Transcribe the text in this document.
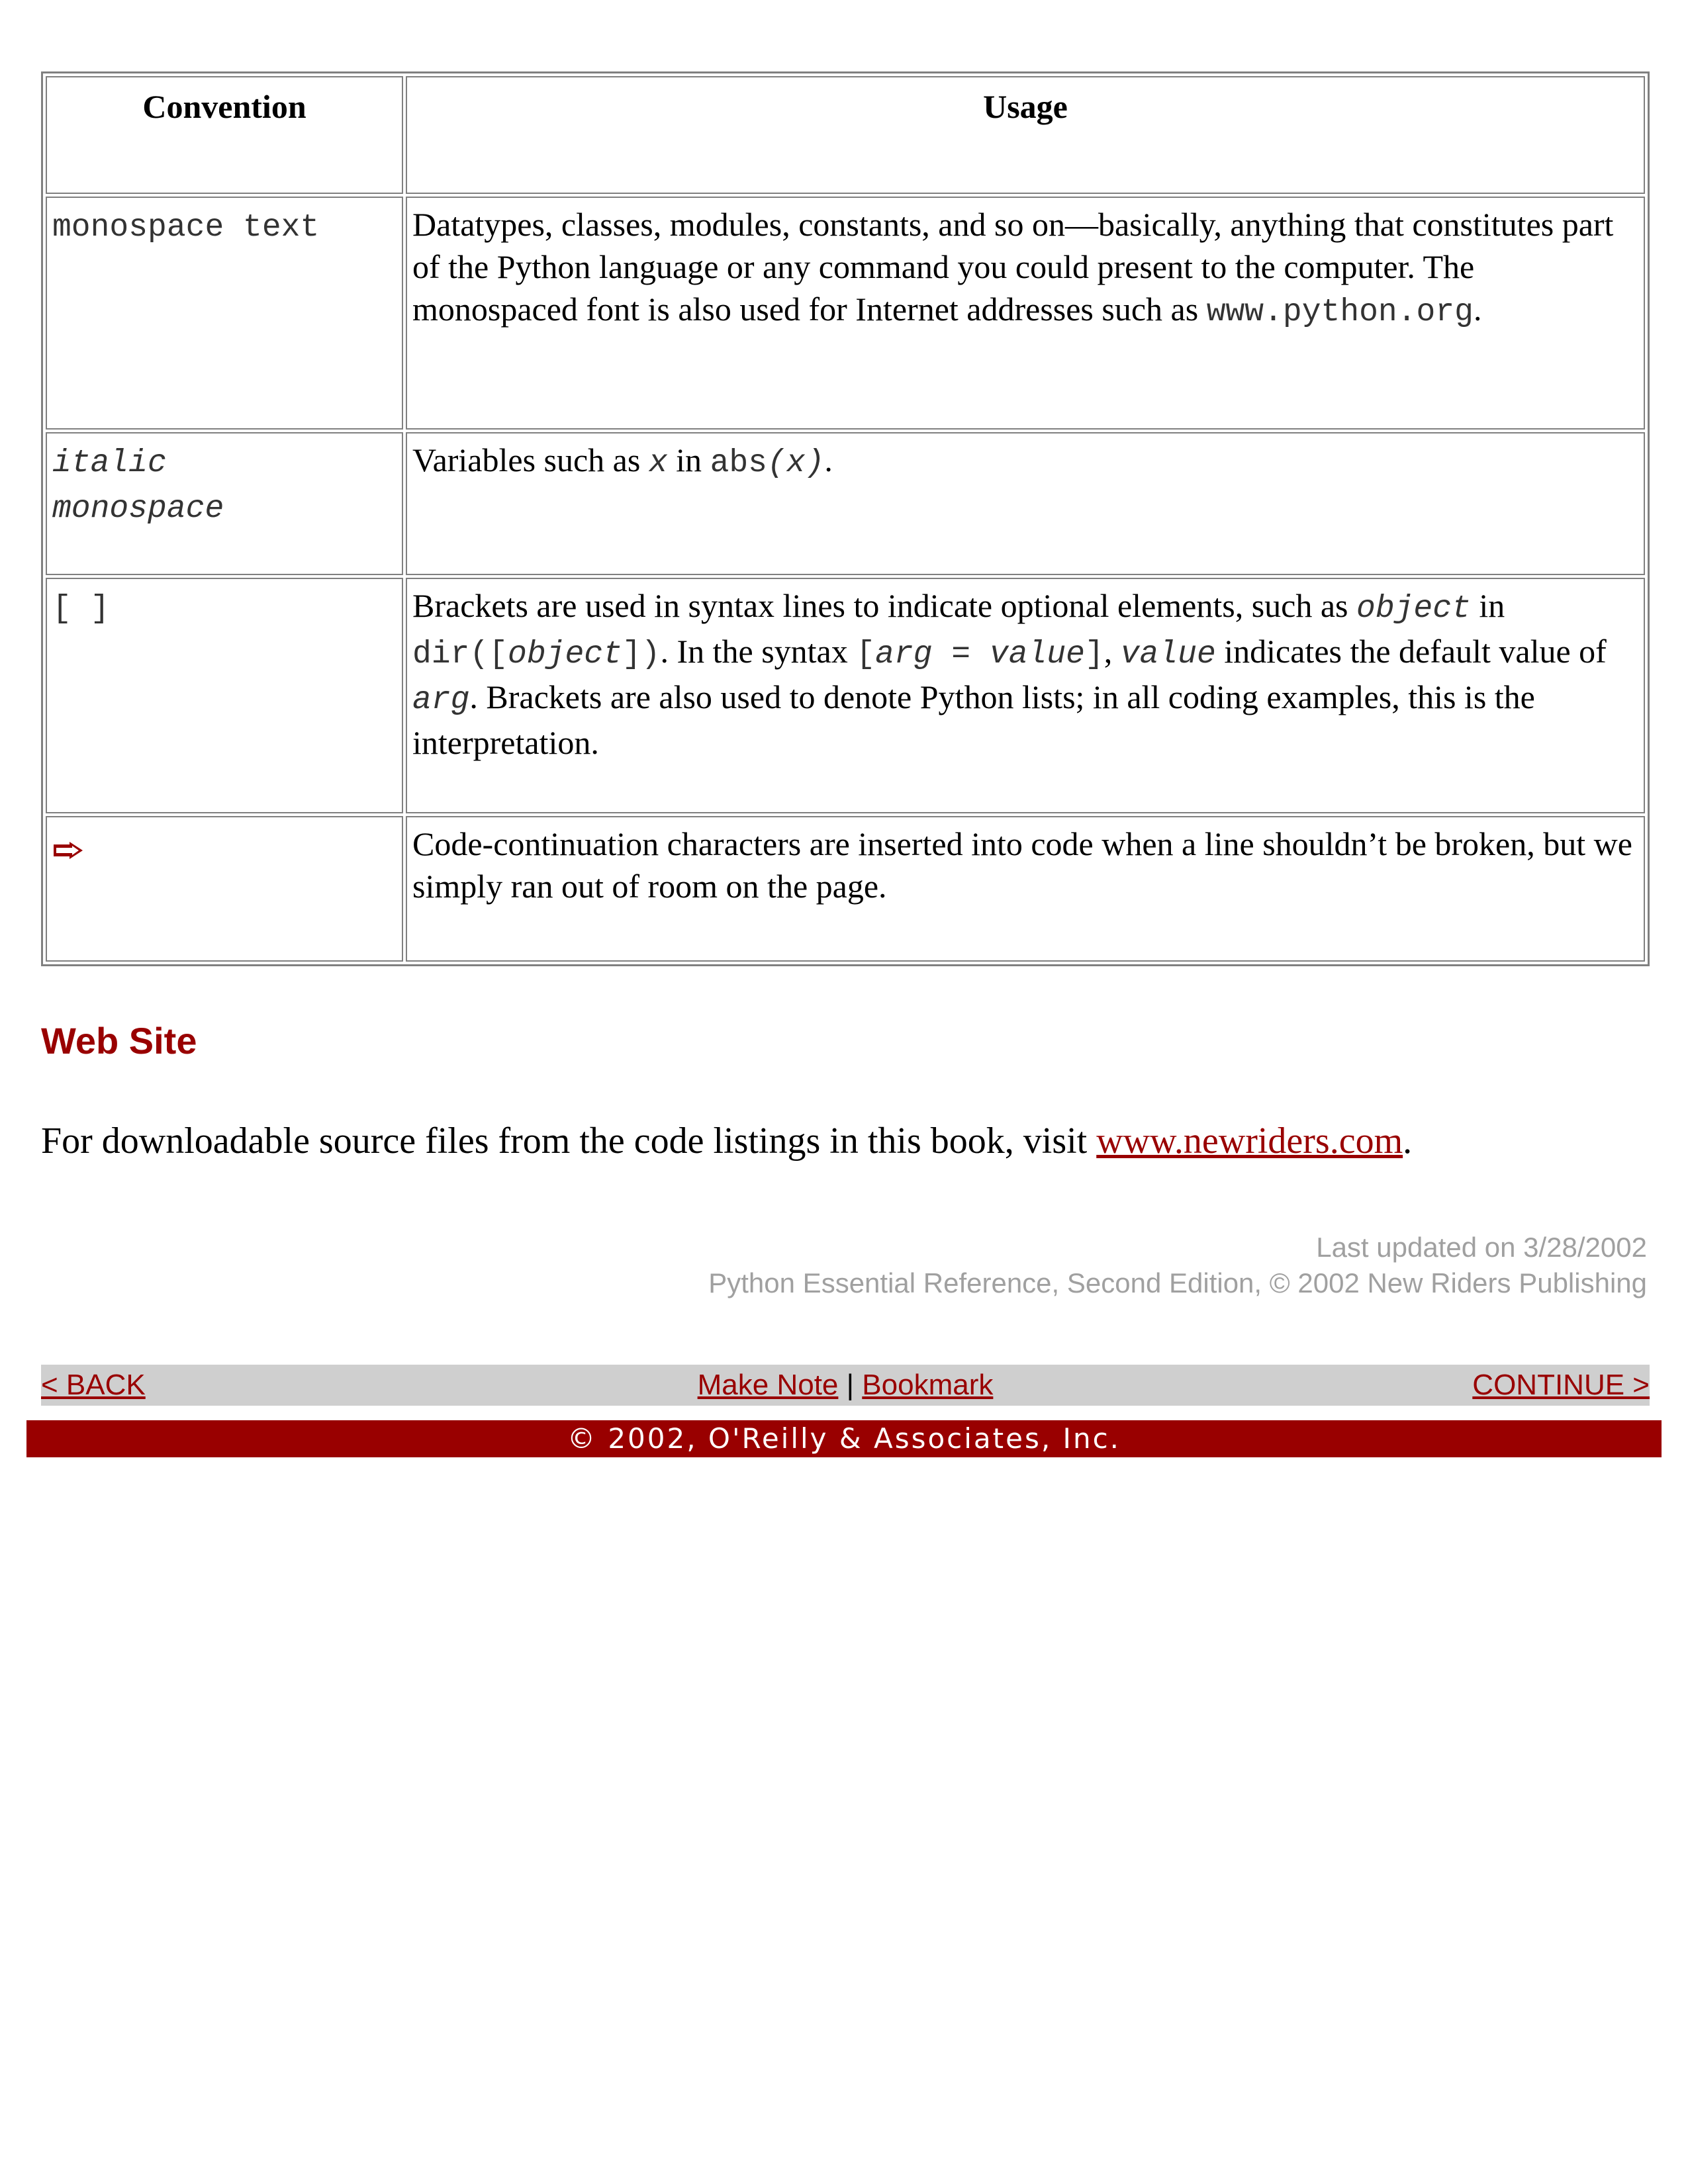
Convention	Usage
monospace text	Datatypes, classes, modules, constants, and so on—basically, anything that constitutes part of the Python language or any command you could present to the computer. The monospaced font is also used for Internet addresses such as www.python.org.
italic
monospace	Variables such as x in abs(x).
[ ]	Brackets are used in syntax lines to indicate optional elements, such as object in dir([object]). In the syntax [arg = value], value indicates the default value of arg. Brackets are also used to denote Python lists; in all coding examples, this is the interpretation.
	Code-continuation characters are inserted into code when a line shouldn’t be broken, but we simply ran out of room on the page.
Web Site

For downloadable source files from the code listings in this book, visit www.newriders.com.

Last updated on 3/28/2002
Python Essential Reference, Second Edition, © 2002 New Riders Publishing
Make Note | Bookmark
< BACK	CONTINUE >
© 2002, O'Reilly & Associates, Inc.
